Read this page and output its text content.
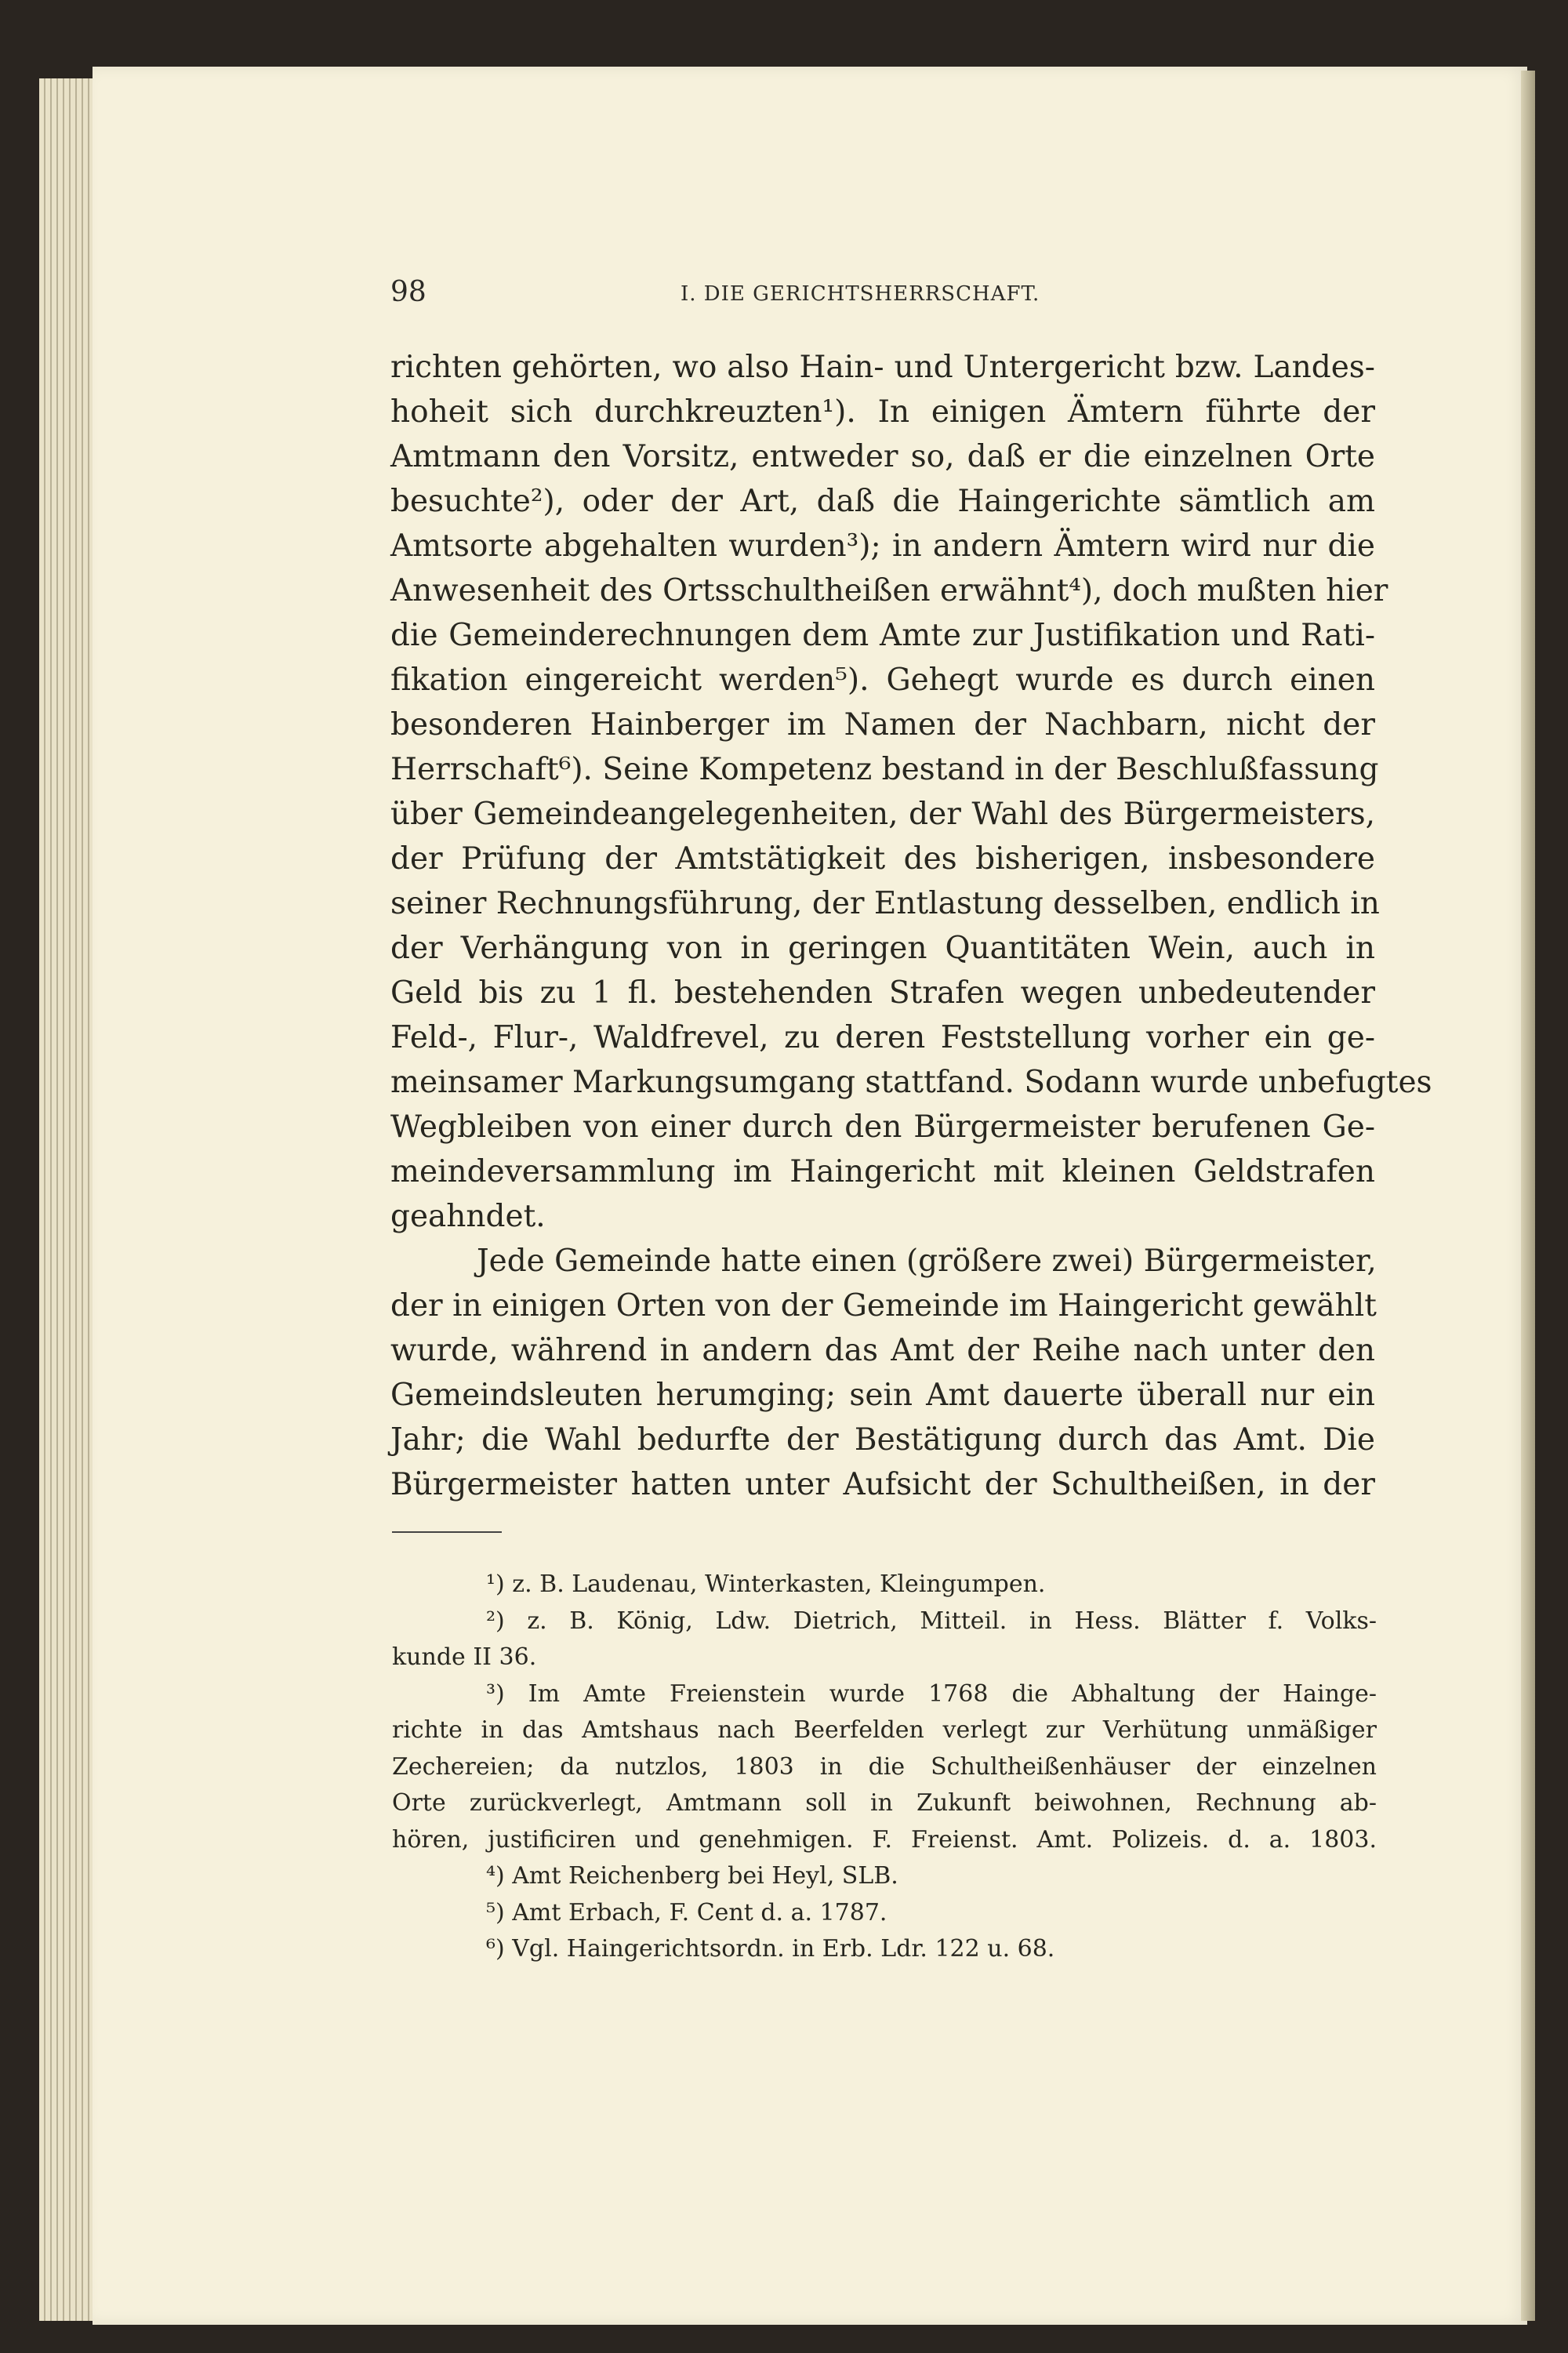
98	I. DIE GERICHTSHERRSCHAFT.
richten gehörten, wo also Hain- und Untergericht bzw. Landes-
hoheit sich durchkreuzten¹). In einigen Ämtern führte der
Amtmann den Vorsitz, entweder so, daß er die einzelnen Orte
besuchte²), oder der Art, daß die Haingerichte sämtlich am
Amtsorte abgehalten wurden³); in andern Ämtern wird nur die
Anwesenheit des Ortsschultheißen erwähnt⁴), doch mußten hier
die Gemeinderechnungen dem Amte zur Justifikation und Rati-
fikation eingereicht werden⁵). Gehegt wurde es durch einen
besonderen Hainberger im Namen der Nachbarn, nicht der
Herrschaft⁶). Seine Kompetenz bestand in der Beschlußfassung
über Gemeindeangelegenheiten, der Wahl des Bürgermeisters,
der Prüfung der Amtstätigkeit des bisherigen, insbesondere
seiner Rechnungsführung, der Entlastung desselben, endlich in
der Verhängung von in geringen Quantitäten Wein, auch in
Geld bis zu 1 fl. bestehenden Strafen wegen unbedeutender
Feld-, Flur-, Waldfrevel, zu deren Feststellung vorher ein ge-
meinsamer Markungsumgang stattfand. Sodann wurde unbefugtes
Wegbleiben von einer durch den Bürgermeister berufenen Ge-
meindeversammlung im Haingericht mit kleinen Geldstrafen
geahndet.
Jede Gemeinde hatte einen (größere zwei) Bürgermeister,
der in einigen Orten von der Gemeinde im Haingericht gewählt
wurde, während in andern das Amt der Reihe nach unter den
Gemeindsleuten herumging; sein Amt dauerte überall nur ein
Jahr; die Wahl bedurfte der Bestätigung durch das Amt. Die
Bürgermeister hatten unter Aufsicht der Schultheißen, in der
¹) z. B. Laudenau, Winterkasten, Kleingumpen.
²) z. B. König, Ldw. Dietrich, Mitteil. in Hess. Blätter f. Volks-
kunde II 36.
³) Im Amte Freienstein wurde 1768 die Abhaltung der Hainge-
richte in das Amtshaus nach Beerfelden verlegt zur Verhütung unmäßiger
Zechereien; da nutzlos, 1803 in die Schultheißenhäuser der einzelnen
Orte zurückverlegt, Amtmann soll in Zukunft beiwohnen, Rechnung ab-
hören, justificiren und genehmigen. F. Freienst. Amt. Polizeis. d. a. 1803.
⁴) Amt Reichenberg bei Heyl, SLB.
⁵) Amt Erbach, F. Cent d. a. 1787.
⁶) Vgl. Haingerichtsordn. in Erb. Ldr. 122 u. 68.
